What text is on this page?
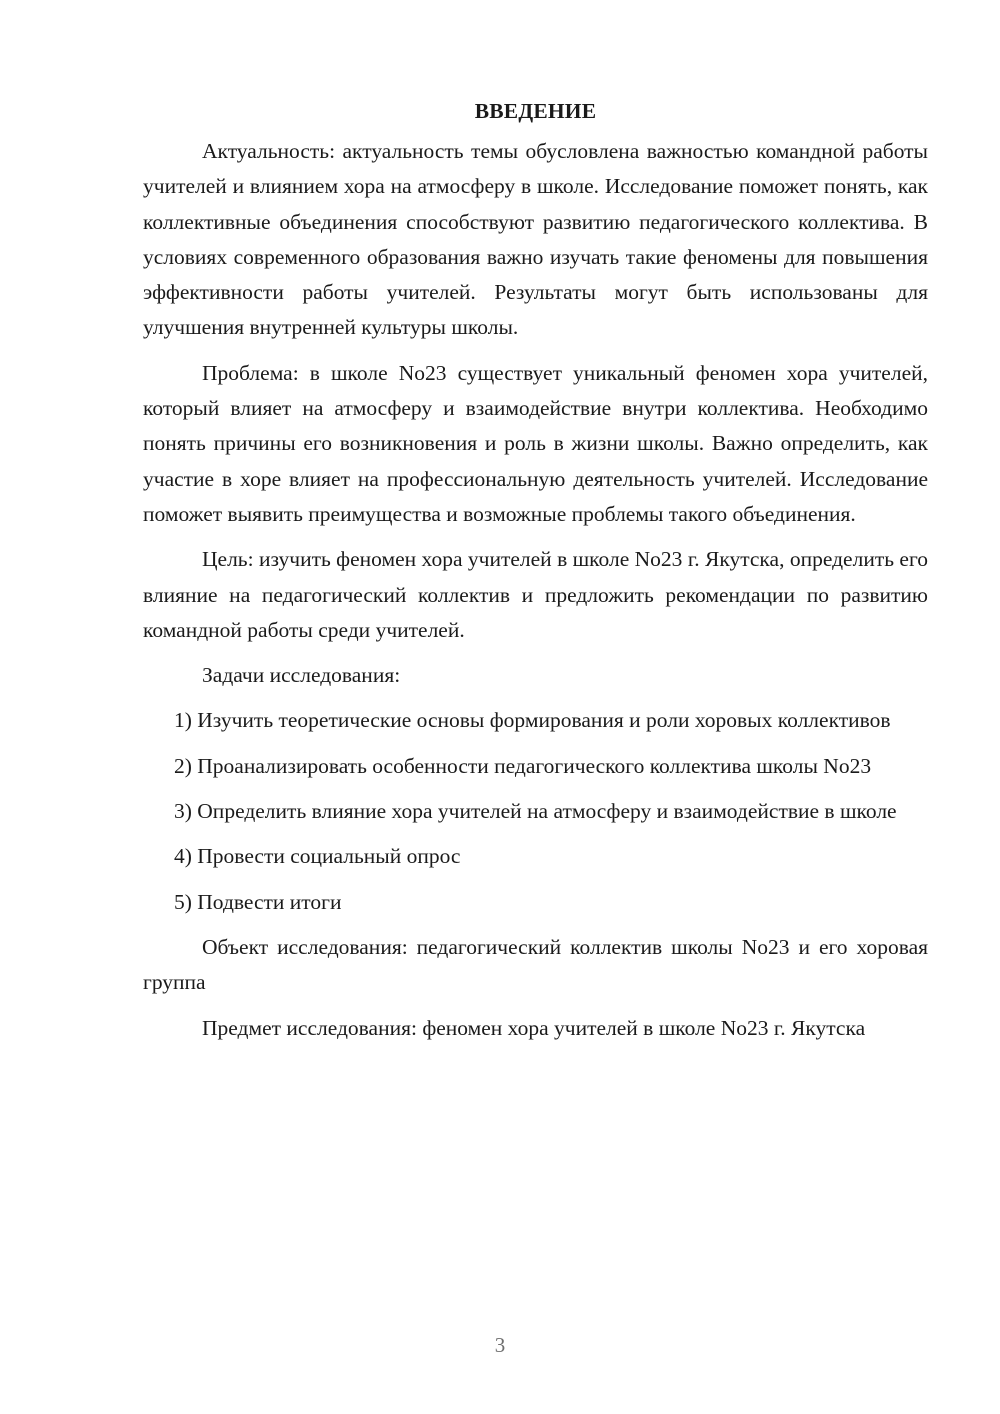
ВВЕДЕНИЕ

Актуальность: актуальность темы обусловлена важностью командной работы учителей и влиянием хора на атмосферу в школе. Исследование поможет понять, как коллективные объединения способствуют развитию педагогического коллектива. В условиях современного образования важно изучать такие феномены для повышения эффективности работы учителей. Результаты могут быть использованы для улучшения внутренней культуры школы.

Проблема: в школе No23 существует уникальный феномен хора учителей, который влияет на атмосферу и взаимодействие внутри коллектива. Необходимо понять причины его возникновения и роль в жизни школы. Важно определить, как участие в хоре влияет на профессиональную деятельность учителей. Исследование поможет выявить преимущества и возможные проблемы такого объединения.

Цель: изучить феномен хора учителей в школе No23 г. Якутска, определить его влияние на педагогический коллектив и предложить рекомендации по развитию командной работы среди учителей.

Задачи исследования:

1) Изучить теоретические основы формирования и роли хоровых коллективов

2) Проанализировать особенности педагогического коллектива школы No23

3) Определить влияние хора учителей на атмосферу и взаимодействие в школе

4) Провести социальный опрос

5) Подвести итоги

Объект исследования: педагогический коллектив школы No23 и его хоровая группа

Предмет исследования: феномен хора учителей в школе No23 г. Якутска

3
